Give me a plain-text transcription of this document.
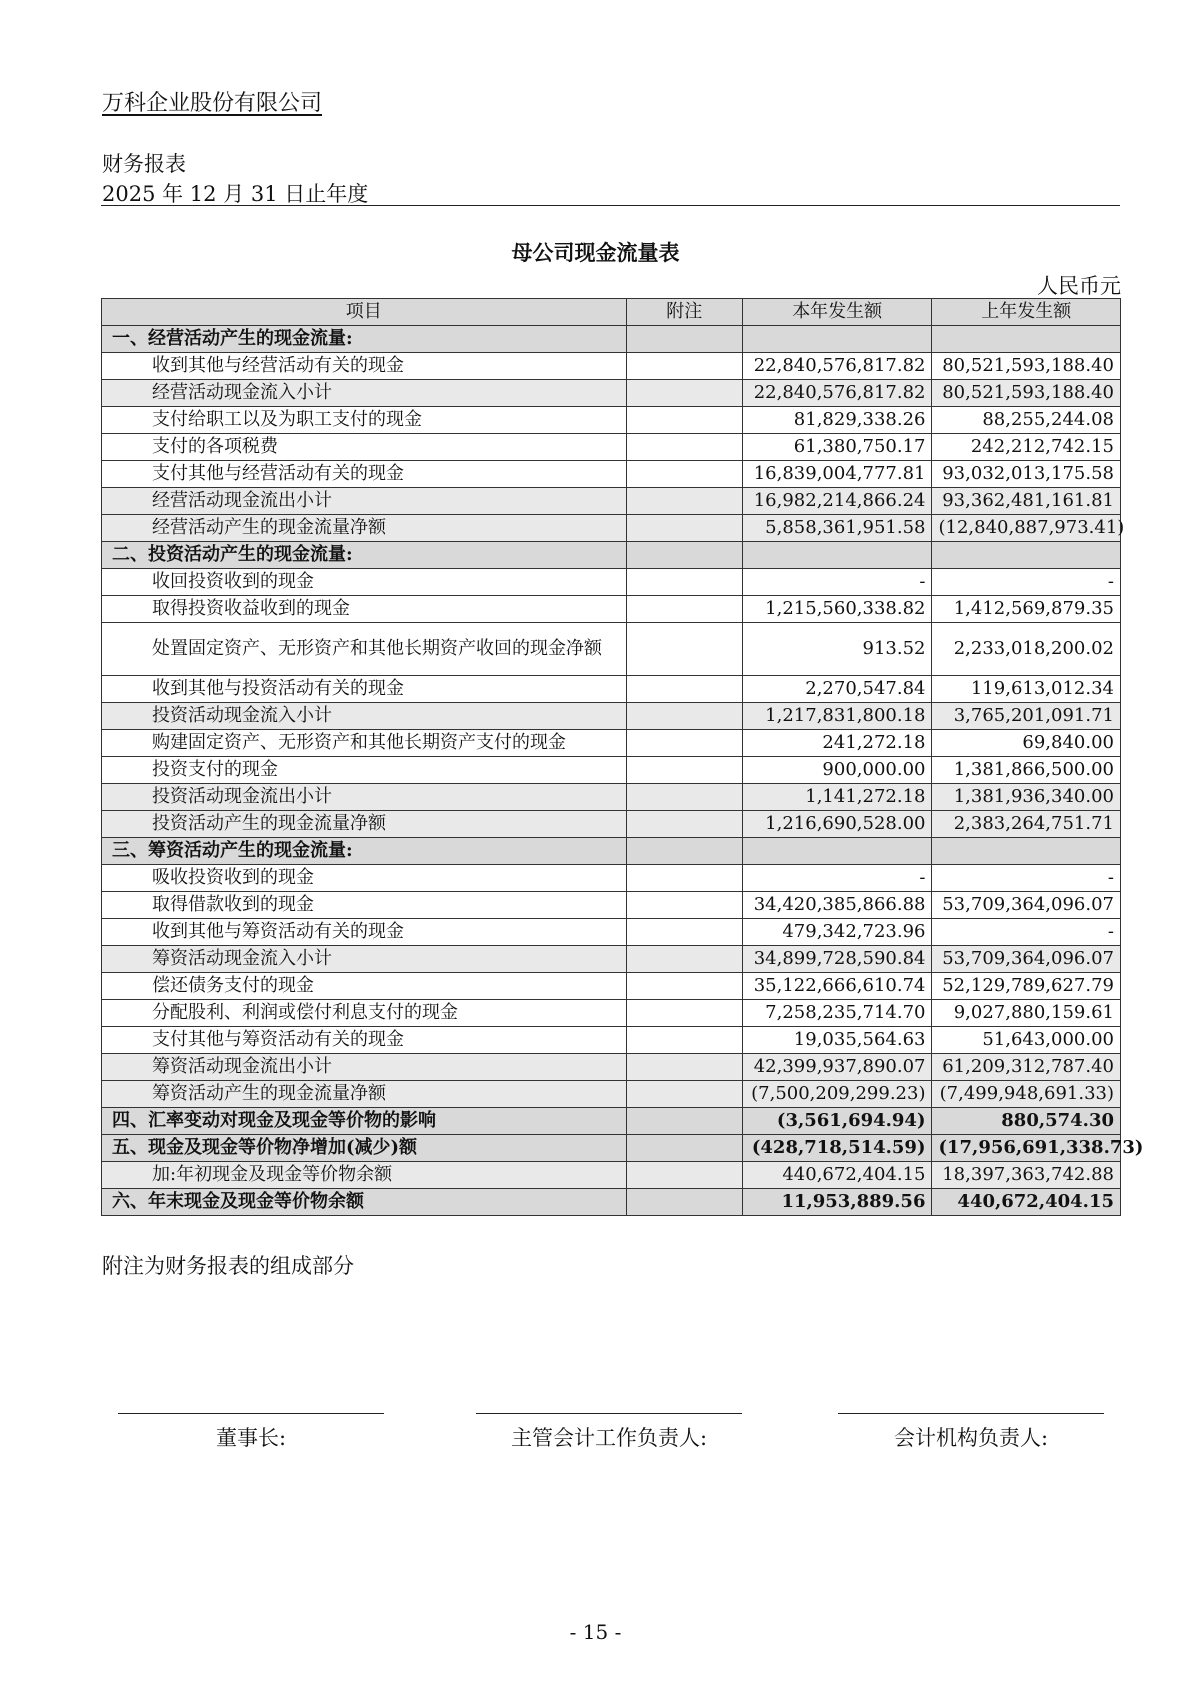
万科企业股份有限公司
财务报表
2025 年 12 月 31 日止年度
母公司现金流量表
人民币元
项目	附注	本年发生额	上年发生额
一、经营活动产生的现金流量:			
收到其他与经营活动有关的现金		22,840,576,817.82	80,521,593,188.40
经营活动现金流入小计		22,840,576,817.82	80,521,593,188.40
支付给职工以及为职工支付的现金		81,829,338.26	88,255,244.08
支付的各项税费		61,380,750.17	242,212,742.15
支付其他与经营活动有关的现金		16,839,004,777.81	93,032,013,175.58
经营活动现金流出小计		16,982,214,866.24	93,362,481,161.81
经营活动产生的现金流量净额		5,858,361,951.58	(12,840,887,973.41)
二、投资活动产生的现金流量:			
收回投资收到的现金		-	-
取得投资收益收到的现金		1,215,560,338.82	1,412,569,879.35
处置固定资产、无形资产和其他长期资产收回的现金净额		913.52	2,233,018,200.02
收到其他与投资活动有关的现金		2,270,547.84	119,613,012.34
投资活动现金流入小计		1,217,831,800.18	3,765,201,091.71
购建固定资产、无形资产和其他长期资产支付的现金		241,272.18	69,840.00
投资支付的现金		900,000.00	1,381,866,500.00
投资活动现金流出小计		1,141,272.18	1,381,936,340.00
投资活动产生的现金流量净额		1,216,690,528.00	2,383,264,751.71
三、筹资活动产生的现金流量:			
吸收投资收到的现金		-	-
取得借款收到的现金		34,420,385,866.88	53,709,364,096.07
收到其他与筹资活动有关的现金		479,342,723.96	-
筹资活动现金流入小计		34,899,728,590.84	53,709,364,096.07
偿还债务支付的现金		35,122,666,610.74	52,129,789,627.79
分配股利、利润或偿付利息支付的现金		7,258,235,714.70	9,027,880,159.61
支付其他与筹资活动有关的现金		19,035,564.63	51,643,000.00
筹资活动现金流出小计		42,399,937,890.07	61,209,312,787.40
筹资活动产生的现金流量净额		(7,500,209,299.23)	(7,499,948,691.33)
四、汇率变动对现金及现金等价物的影响		(3,561,694.94)	880,574.30
五、现金及现金等价物净增加(减少)额		(428,718,514.59)	(17,956,691,338.73)
加:年初现金及现金等价物余额		440,672,404.15	18,397,363,742.88
六、年末现金及现金等价物余额		11,953,889.56	440,672,404.15
附注为财务报表的组成部分
董事长:	主管会计工作负责人:	会计机构负责人:
- 15 -
